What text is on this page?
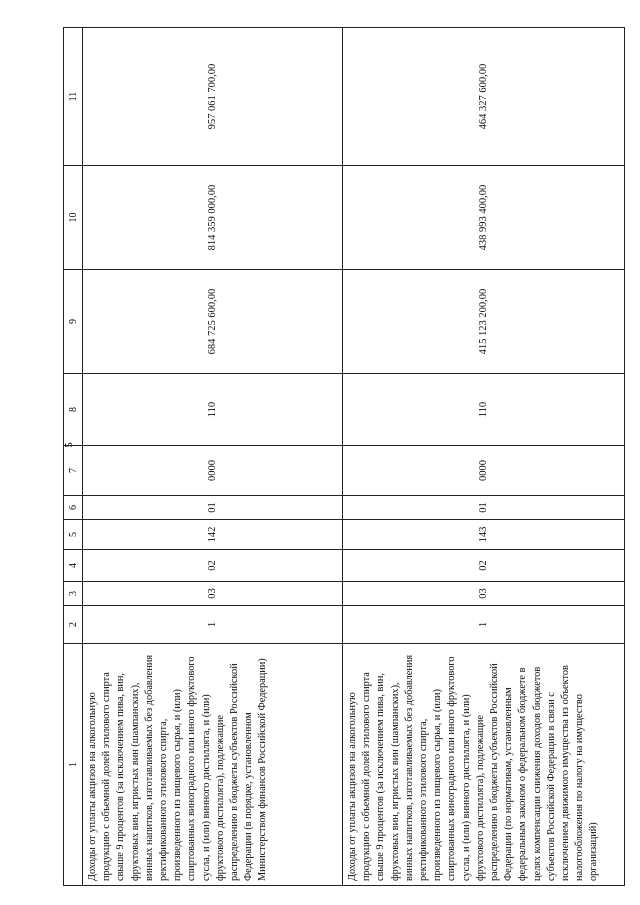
5
1	2	3	4	5	6	7	8	9	10	11
Доходы от уплаты акцизов на алкогольную продукцию с объемной долей этилового спирта свыше 9 процентов (за исключением пива, вин, фруктовых вин, игристых вин (шампанских), винных напитков, изготавливаемых без добавления ректификованного этилового спирта, произведенного из пищевого сырья, и (или) спиртованных виноградного или иного фруктового сусла, и (или) винного дистиллята, и (или) фруктового дистиллята), подлежащие распределению в бюджеты субъектов Российской Федерации (в порядке, установленном Министерством финансов Российской Федерации)	1	03	02	142	01	0000	110	684 725 600,00	814 359 000,00	957 061 700,00
Доходы от уплаты акцизов на алкогольную продукцию с объемной долей этилового спирта свыше 9 процентов (за исключением пива, вин, фруктовых вин, игристых вин (шампанских), винных напитков, изготавливаемых без добавления ректификованного этилового спирта, произведенного из пищевого сырья, и (или) спиртованных виноградного или иного фруктового сусла, и (или) винного дистиллята, и (или) фруктового дистиллята), подлежащие распределению в бюджеты субъектов Российской Федерации (по нормативам, установленным федеральным законом о федеральном бюджете в целях компенсации снижения доходов бюджетов субъектов Российской Федерации в связи с исключением движимого имущества из объектов налогообложения по налогу на имущество организаций)	1	03	02	143	01	0000	110	415 123 200,00	438 993 400,00	464 327 600,00
